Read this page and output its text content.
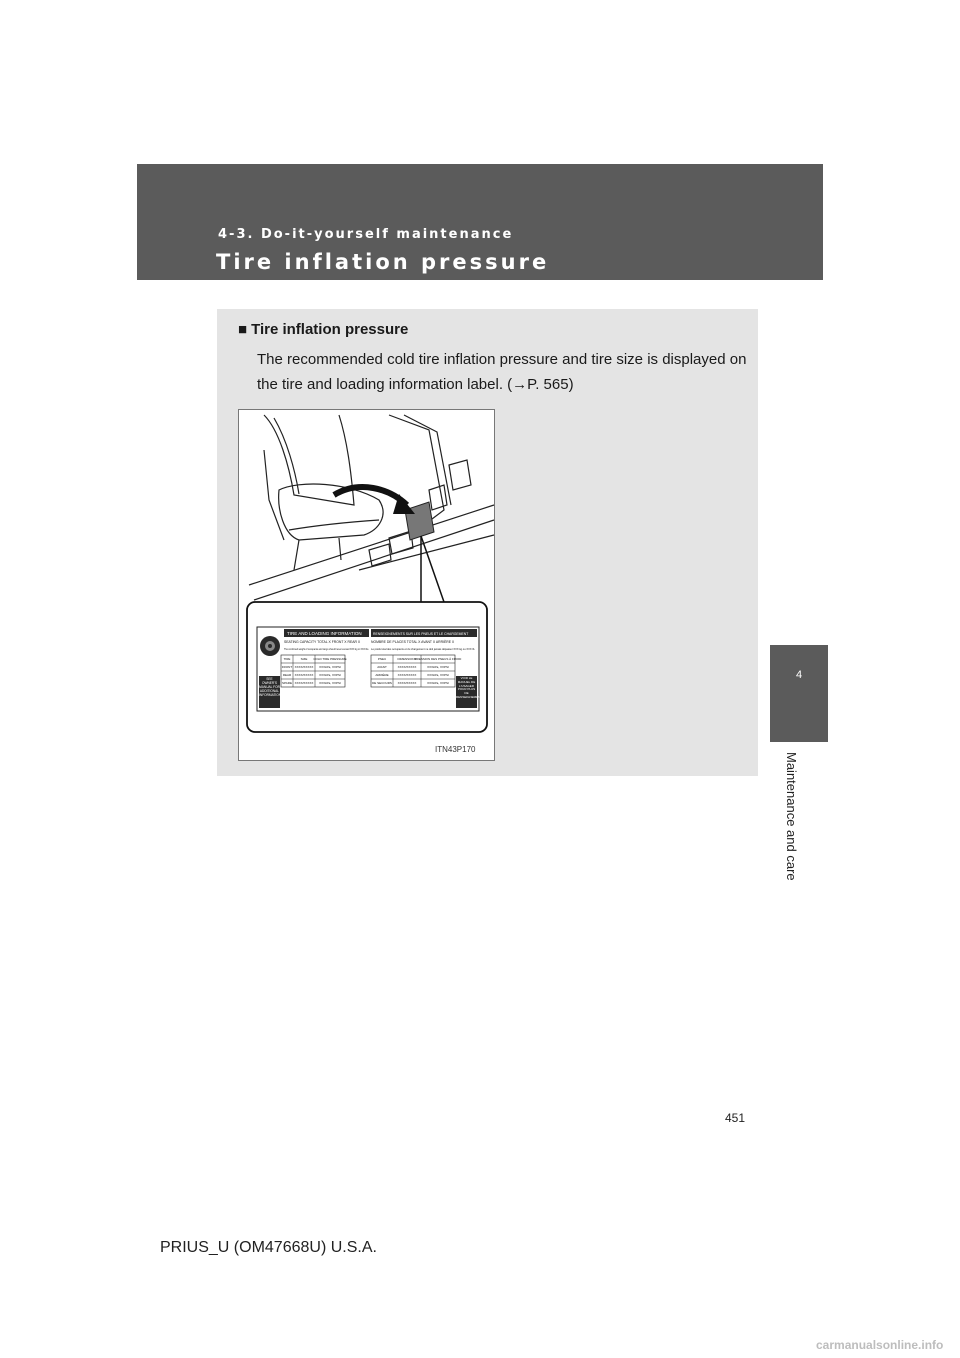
4-3. Do-it-yourself maintenance
Tire inflation pressure
4
Maintenance and care
■ Tire inflation pressure
The recommended cold tire inflation pressure and tire size is displayed on the tire and loading information label. (→P. 565)
TIRE AND LOADING INFORMATION	RENSEIGNEMENTS SUR LES PNEUS ET LE CHARGEMENT
SEATING CAPACITY TOTAL X FRONT X REAR X
The combined weight of occupants and cargo should never exceed XXX kg or XXX lbs.
NOMBRE DE PLACES TOTAL X AVANT X ARRIÈRE X
Le poids total des occupants et du chargement ne doit jamais dépasser XXX kg ou XXX lb.
SEE OWNER'S MANUAL FOR ADDITIONAL INFORMATION
VOIR LE MANUEL DE L'USAGER POUR PLUS DE RENSEIGNEMENTS
TIRE
FRONT
REAR
SPARE
SIZE
XXXX/XXXXX
XXXX/XXXXX
XXXX/XXXXX
COLD TIRE PRESSURE
XXXkPa, XXPSI
XXXkPa, XXPSI
XXXkPa, XXPSI
PNEU
AVANT
ARRIÈRE
DE SECOURS
DIMENSIONS
XXXX/XXXXX
XXXX/XXXXX
XXXX/XXXXX
PRESSION DES PNEUS À FROID
XXXkPa, XXPSI
XXXkPa, XXPSI
XXXkPa, XXPSI
ITN43P170
451
PRIUS_U (OM47668U) U.S.A.
carmanualsonline.info
